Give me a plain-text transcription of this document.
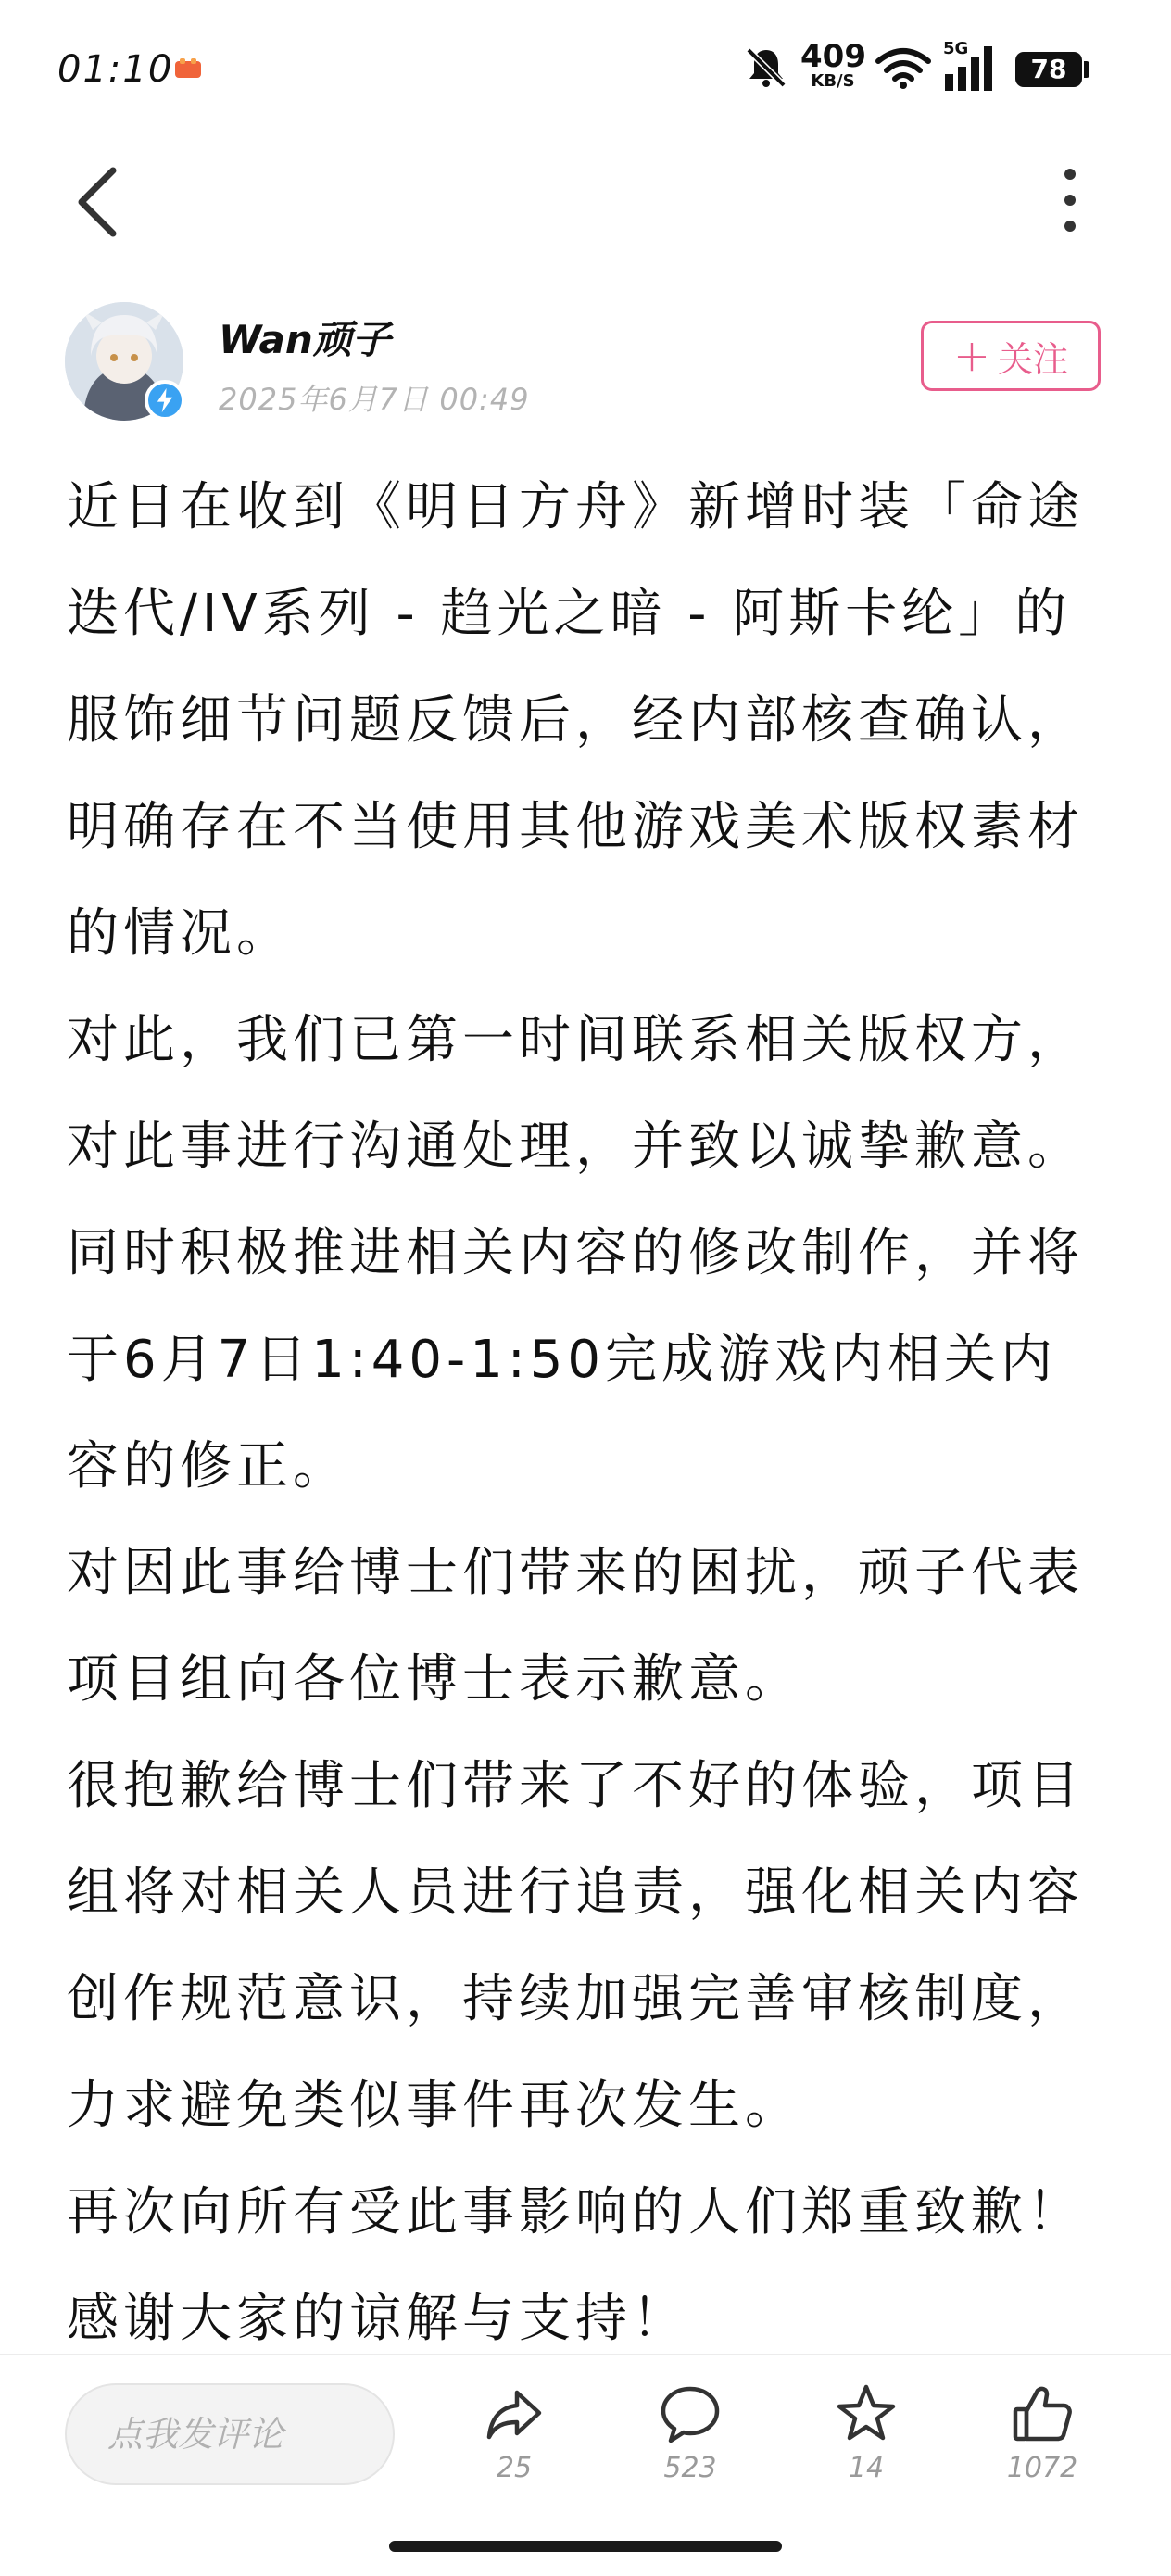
01:10	409
KB/S
5G
78
Wan顽子
2025年6月7日 00:49
+ 关注

近日在收到《明日方舟》新增时装「命途迭代/IV系列 - 趋光之暗 - 阿斯卡纶」的服饰细节问题反馈后，经内部核查确认，明确存在不当使用其他游戏美术版权素材的情况。

对此，我们已第一时间联系相关版权方，对此事进行沟通处理，并致以诚挚歉意。同时积极推进相关内容的修改制作，并将于6月7日1:40-1:50完成游戏内相关内容的修正。

对因此事给博士们带来的困扰，顽子代表项目组向各位博士表示歉意。

很抱歉给博士们带来了不好的体验，项目组将对相关人员进行追责，强化相关内容创作规范意识，持续加强完善审核制度，力求避免类似事件再次发生。

再次向所有受此事影响的人们郑重致歉！感谢大家的谅解与支持！

点我发评论
25	523	14	1072
